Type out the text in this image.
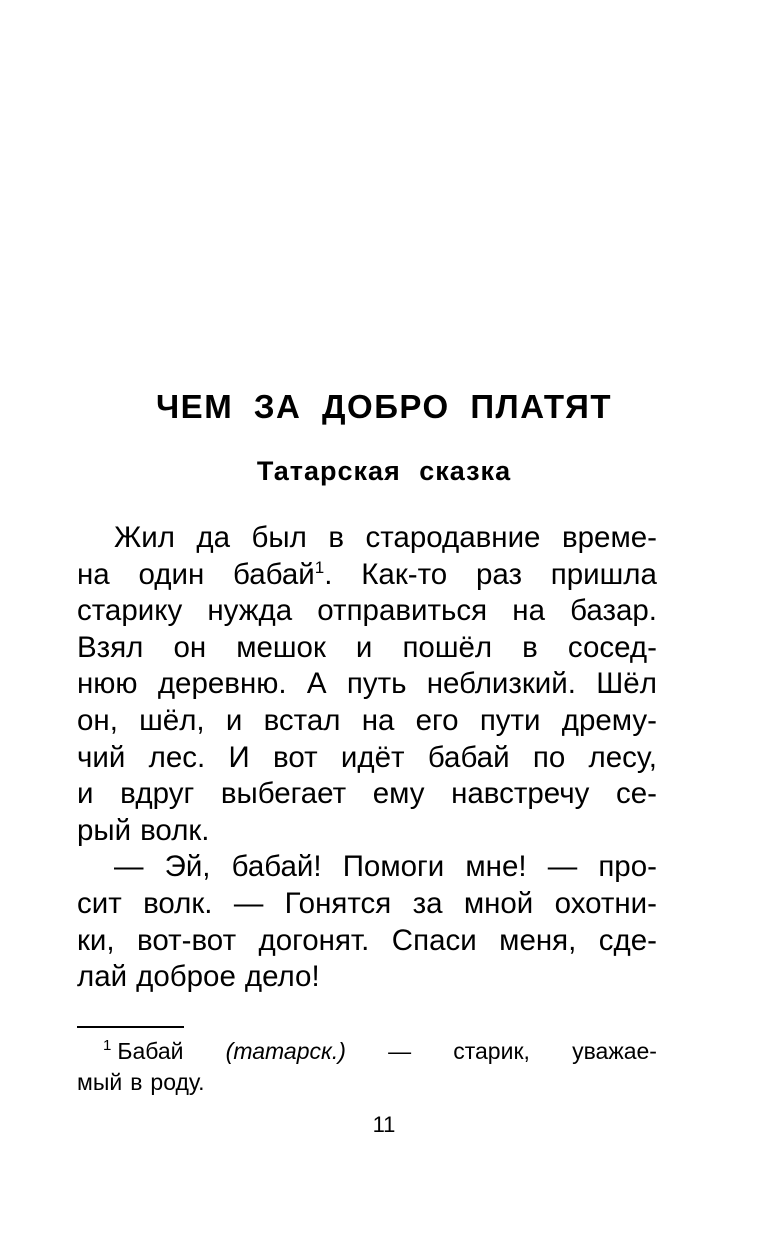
ЧЕМ ЗА ДОБРО ПЛАТЯТ
Татарская сказка
Жил да был в стародавние време-
на один бабай$^1$. Как-то раз пришла
старику нужда отправиться на базар.
Взял он мешок и пошёл в сосед-
нюю деревню. А путь неблизкий. Шёл
он, шёл, и встал на его пути дрему-
чий лес. И вот идёт бабай по лесу,
и вдруг выбегает ему навстречу се-
рый волк.
— Эй, бабай! Помоги мне! — про-
сит волк. — Гонятся за мной охотни-
ки, вот-вот догонят. Спаси меня, сде-
лай доброе дело!
$^1$ Бабай (татарск.) — старик, уважае-
мый в роду.
11
